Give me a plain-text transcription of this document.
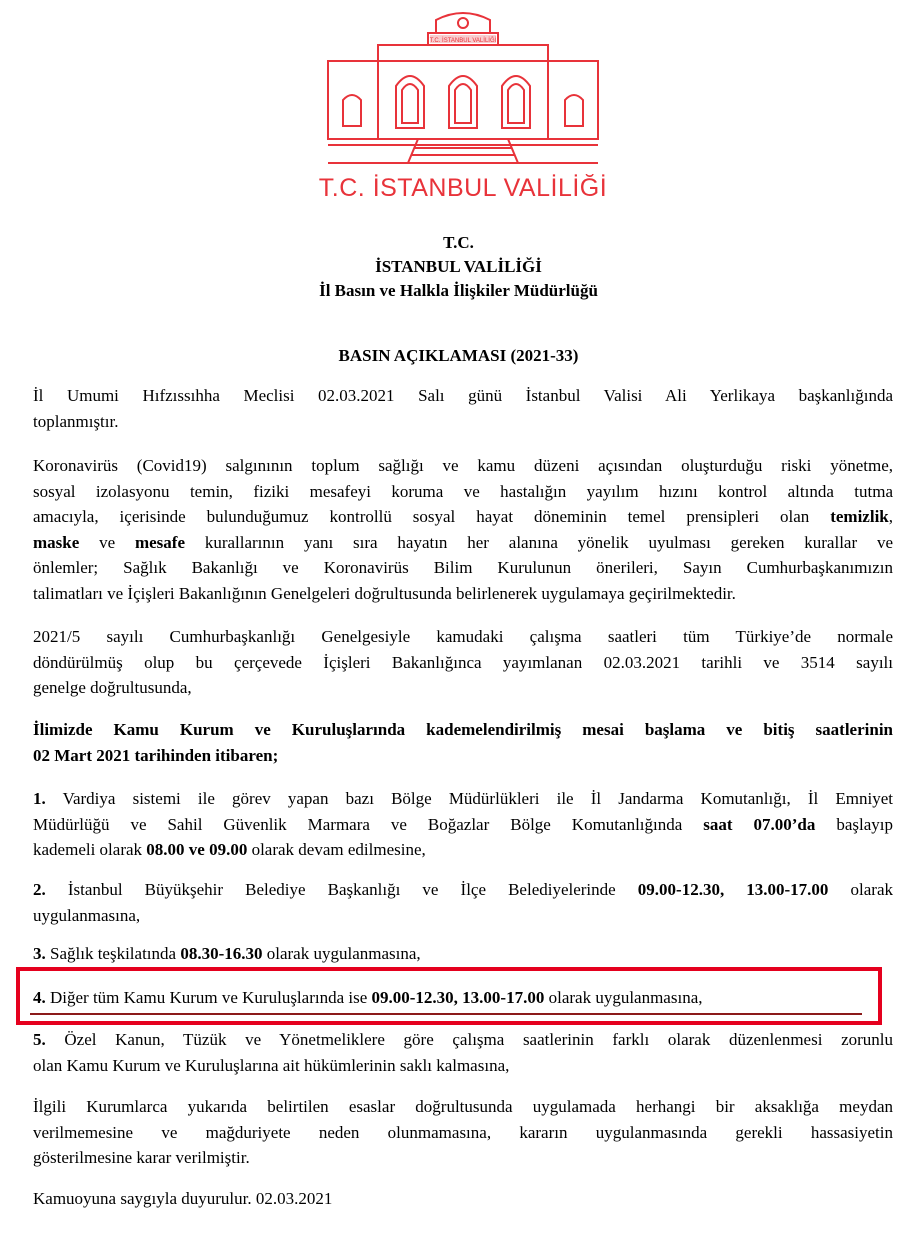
T.C. İSTANBUL VALİLİĞİ
T.C. İSTANBUL VALİLİĞİ
T.C.
İSTANBUL VALİLİĞİ
İl Basın ve Halkla İlişkiler Müdürlüğü
BASIN AÇIKLAMASI (2021-33)
İl Umumi Hıfzıssıhha Meclisi 02.03.2021 Salı günü İstanbul Valisi Ali Yerlikaya başkanlığında
toplanmıştır.
Koronavirüs (Covid19) salgınının toplum sağlığı ve kamu düzeni açısından oluşturduğu riski yönetme,
sosyal izolasyonu temin, fiziki mesafeyi koruma ve hastalığın yayılım hızını kontrol altında tutma
amacıyla, içerisinde bulunduğumuz kontrollü sosyal hayat döneminin temel prensipleri olan temizlik,
maske ve mesafe kurallarının yanı sıra hayatın her alanına yönelik uyulması gereken kurallar ve
önlemler; Sağlık Bakanlığı ve Koronavirüs Bilim Kurulunun önerileri, Sayın Cumhurbaşkanımızın
talimatları ve İçişleri Bakanlığının Genelgeleri doğrultusunda belirlenerek uygulamaya geçirilmektedir.
2021/5 sayılı Cumhurbaşkanlığı Genelgesiyle kamudaki çalışma saatleri tüm Türkiye’de normale
döndürülmüş olup bu çerçevede İçişleri Bakanlığınca yayımlanan 02.03.2021 tarihli ve 3514 sayılı
genelge doğrultusunda,
İlimizde Kamu Kurum ve Kuruluşlarında kademelendirilmiş mesai başlama ve bitiş saatlerinin
02 Mart 2021 tarihinden itibaren;
1. Vardiya sistemi ile görev yapan bazı Bölge Müdürlükleri ile İl Jandarma Komutanlığı, İl Emniyet
Müdürlüğü ve Sahil Güvenlik Marmara ve Boğazlar Bölge Komutanlığında saat 07.00’da başlayıp
kademeli olarak 08.00 ve 09.00 olarak devam edilmesine,
2. İstanbul Büyükşehir Belediye Başkanlığı ve İlçe Belediyelerinde 09.00-12.30, 13.00-17.00 olarak
uygulanmasına,
3. Sağlık teşkilatında 08.30-16.30 olarak uygulanmasına,
4. Diğer tüm Kamu Kurum ve Kuruluşlarında ise 09.00-12.30, 13.00-17.00 olarak uygulanmasına,
5. Özel Kanun, Tüzük ve Yönetmeliklere göre çalışma saatlerinin farklı olarak düzenlenmesi zorunlu
olan Kamu Kurum ve Kuruluşlarına ait hükümlerinin saklı kalmasına,
İlgili Kurumlarca yukarıda belirtilen esaslar doğrultusunda uygulamada herhangi bir aksaklığa meydan
verilmemesine ve mağduriyete neden olunmamasına, kararın uygulanmasında gerekli hassasiyetin
gösterilmesine karar verilmiştir.
Kamuoyuna saygıyla duyurulur. 02.03.2021
